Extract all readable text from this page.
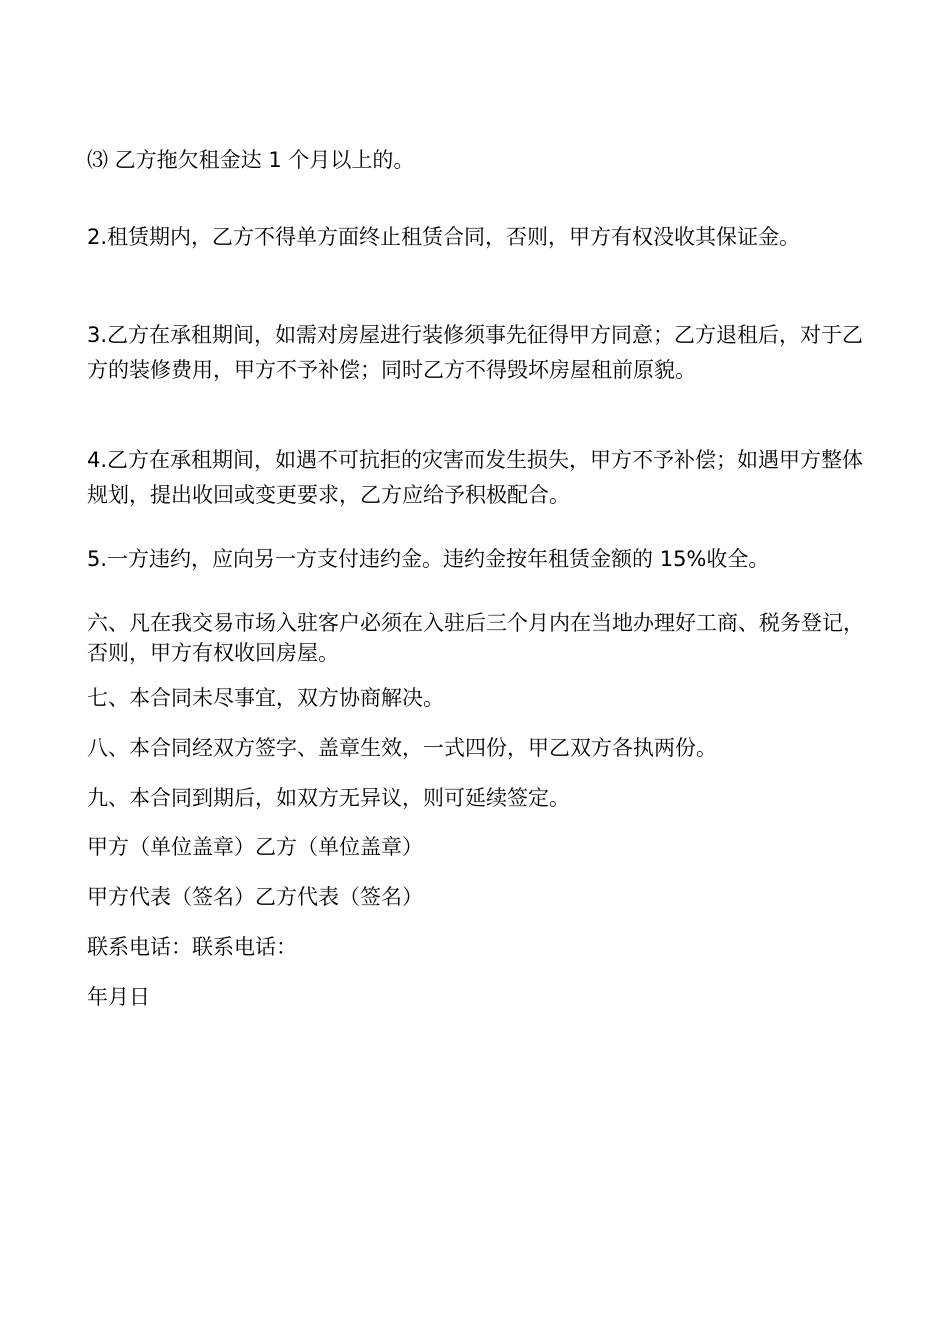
⑶ 乙方拖欠租金达 1 个月以上的。

2.租赁期内，乙方不得单方面终止租赁合同，否则，甲方有权没收其保证金。

3.乙方在承租期间，如需对房屋进行装修须事先征得甲方同意；乙方退租后，对于乙方的装修费用，甲方不予补偿；同时乙方不得毁坏房屋租前原貌。

4.乙方在承租期间，如遇不可抗拒的灾害而发生损失，甲方不予补偿；如遇甲方整体规划，提出收回或变更要求，乙方应给予积极配合。

5.一方违约，应向另一方支付违约金。违约金按年租赁金额的 15%收全。

六、凡在我交易市场入驻客户必须在入驻后三个月内在当地办理好工商、税务登记，否则，甲方有权收回房屋。

七、本合同未尽事宜，双方协商解决。

八、本合同经双方签字、盖章生效，一式四份，甲乙双方各执两份。

九、本合同到期后，如双方无异议，则可延续签定。

甲方（单位盖章）乙方（单位盖章）

甲方代表（签名）乙方代表（签名）

联系电话：联系电话：

年月日
